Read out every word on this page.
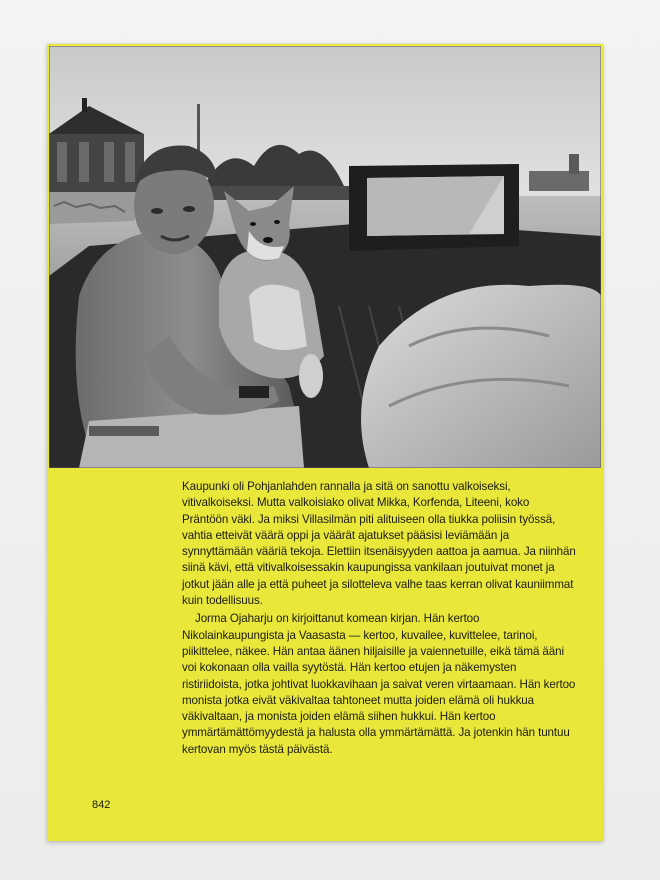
Kaupunki oli Pohjanlahden rannalla ja sitä on sanottu valkoiseksi, vitivalkoiseksi. Mutta valkoisiako olivat Mikka, Korfenda, Liteeni, koko Präntöön väki. Ja miksi Villasilmän piti alituiseen olla tiukka poliisin työssä, vahtia etteivät väärä oppi ja väärät ajatukset pääsisi leviämään ja synnyttämään vääriä tekoja. Elettiin itsenäisyyden aattoa ja aamua. Ja niinhän siinä kävi, että vitivalkoisessakin kaupungissa vankilaan joutuivat monet ja jotkut jään alle ja että puheet ja silotteleva valhe taas kerran olivat kauniimmat kuin todellisuus.

Jorma Ojaharju on kirjoittanut komean kirjan. Hän kertoo Nikolainkaupungista ja Vaasasta — kertoo, kuvailee, kuvittelee, tarinoi, piikittelee, näkee. Hän antaa äänen hiljaisille ja vaiennetuille, eikä tämä ääni voi kokonaan olla vailla syytöstä. Hän kertoo etujen ja näkemysten ristiriidoista, jotka johtivat luokkavihaan ja saivat veren virtaamaan. Hän kertoo monista jotka eivät väkivaltaa tahtoneet mutta joiden elämä oli hukkua väkivaltaan, ja monista joiden elämä siihen hukkui. Hän kertoo ymmärtämättömyydestä ja halusta olla ymmärtämättä. Ja jotenkin hän tuntuu kertovan myös tästä päivästä.

842
